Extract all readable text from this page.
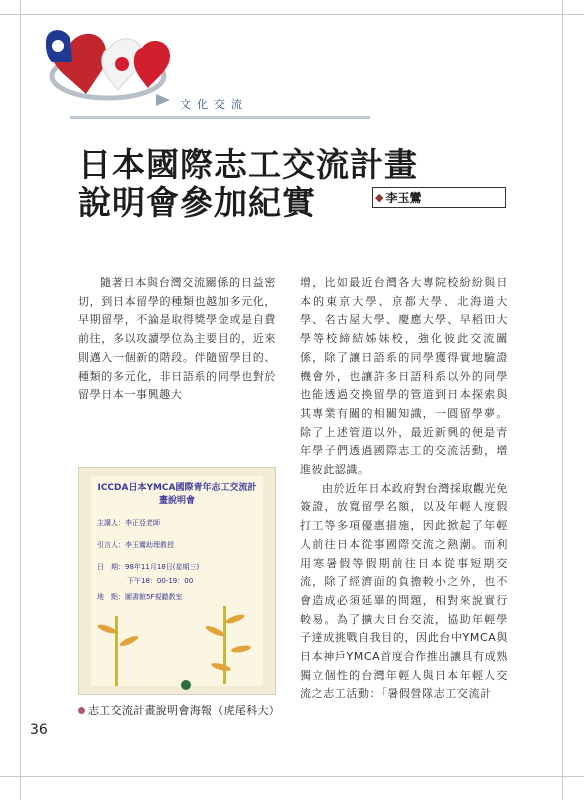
文化交流
日本國際志工交流計畫
說明會參加紀實	◆ 李玉鸞

隨著日本與台灣交流關係的日益密切，到日本留學的種類也越加多元化，早期留學，不論是取得獎學金或是自費前往，多以攻讀學位為主要目的，近來則邁入一個新的階段。伴隨留學目的、種類的多元化，非日語系的同學也對於留學日本一事興趣大

ICCDA日本YMCA國際青年志工交流計畫說明會
主講人：李正亞老師
引言人：李玉鸞助理教授
日　期：98年11月18日(星期三)
下午18：00-19：00
地　點：圖書館5F視聽教室
志工交流計畫說明會海報（虎尾科大）

增，比如最近台灣各大專院校紛紛與日本的東京大學、京都大學、北海道大學、名古屋大學、慶應大學、早稻田大學等校締結姊妹校，強化彼此交流關係，除了讓日語系的同學獲得實地驗證機會外，也讓許多日語科系以外的同學也能透過交換留學的管道到日本探索與其專業有關的相關知識，一圓留學夢。除了上述管道以外，最近新興的便是青年學子們透過國際志工的交流活動，增進彼此認識。

由於近年日本政府對台灣採取觀光免簽證，放寬留學名額，以及年輕人度假打工等多項優惠措施，因此掀起了年輕人前往日本從事國際交流之熱潮。而利用寒暑假等假期前往日本從事短期交流，除了經濟面的負擔較小之外，也不會造成必須延畢的問題，相對來說實行較易。為了擴大日台交流，協助年輕學子達成挑戰自我目的，因此台中YMCA與日本神戶YMCA首度合作推出讓具有成熟獨立個性的台灣年輕人與日本年輕人交流之志工活動：「暑假營隊志工交流計

36
